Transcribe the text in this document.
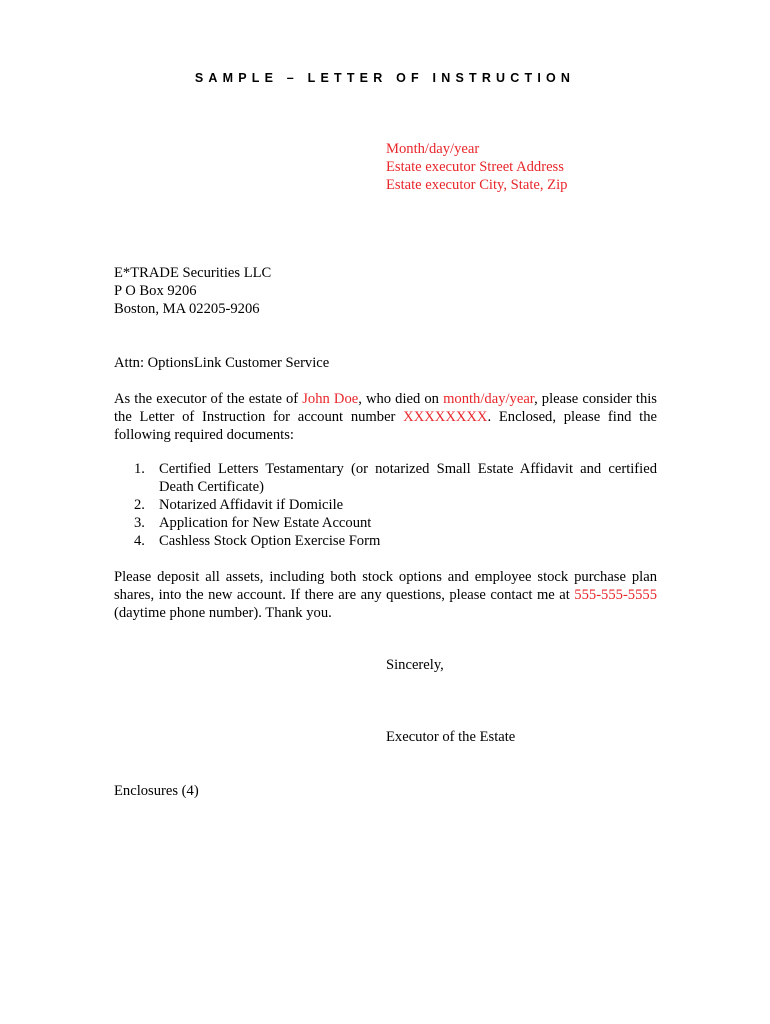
SAMPLE – LETTER OF INSTRUCTION
Month/day/year
Estate executor Street Address
Estate executor City, State, Zip
E*TRADE Securities LLC
P O Box 9206
Boston, MA 02205-9206
Attn: OptionsLink Customer Service

As the executor of the estate of John Doe, who died on month/day/year, please consider this the Letter of Instruction for account number XXXXXXXX. Enclosed, please find the following required documents:

1. Certified Letters Testamentary (or notarized Small Estate Affidavit and certified Death Certificate)
2. Notarized Affidavit if Domicile
3. Application for New Estate Account
4. Cashless Stock Option Exercise Form

Please deposit all assets, including both stock options and employee stock purchase plan shares, into the new account. If there are any questions, please contact me at 555-555-5555 (daytime phone number). Thank you.

Sincerely,
Executor of the Estate
Enclosures (4)
